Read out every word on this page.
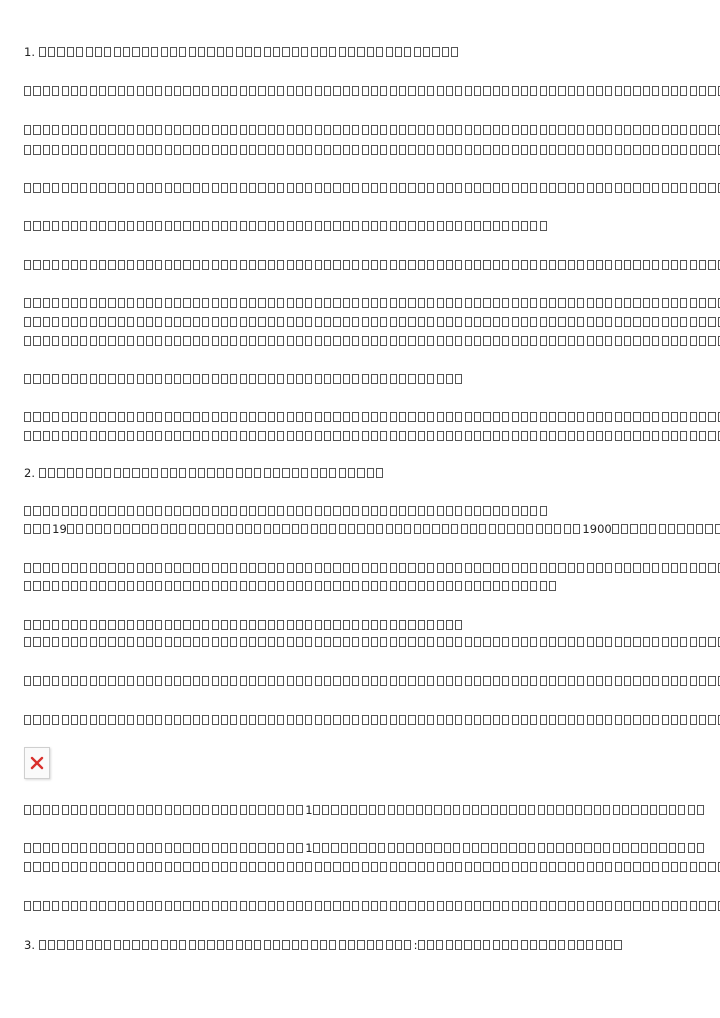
1.
2.
19	1900
1
1
3.	:
